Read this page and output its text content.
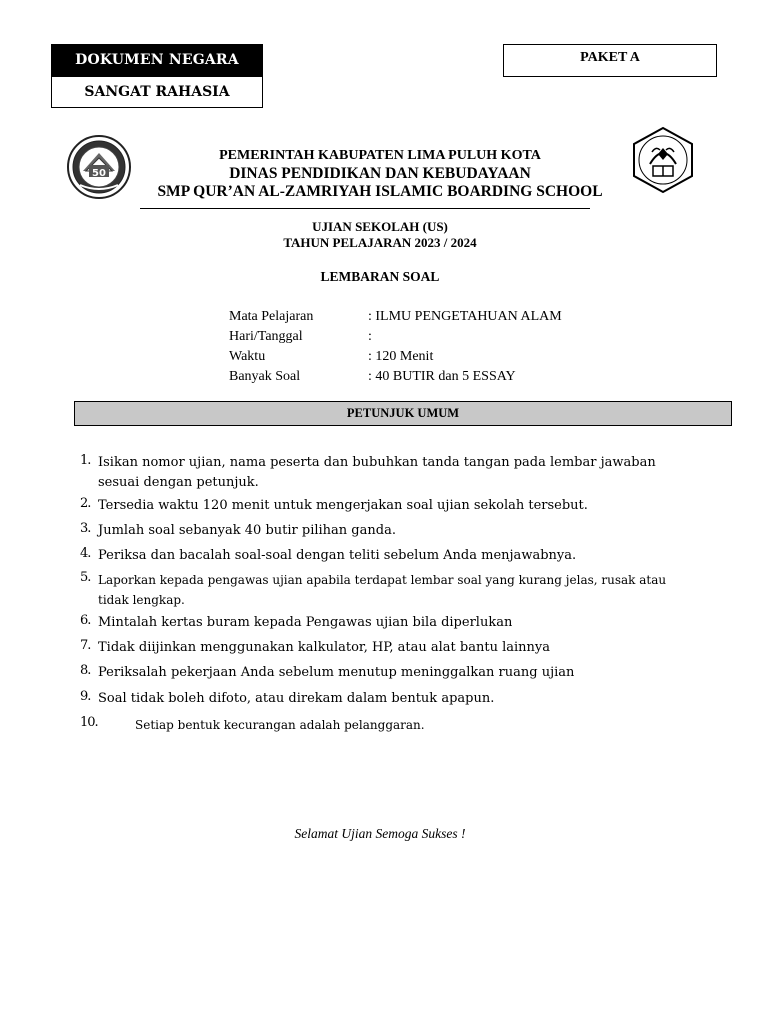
DOKUMEN NEGARA
SANGAT RAHASIA
PAKET A
50
PEMERINTAH KABUPATEN LIMA PULUH KOTA
DINAS PENDIDIKAN DAN KEBUDAYAAN
SMP QUR’AN AL-ZAMRIYAH ISLAMIC BOARDING SCHOOL
UJIAN SEKOLAH (US)
TAHUN PELAJARAN 2023 / 2024
LEMBARAN SOAL
Mata Pelajaran	: ILMU PENGETAHUAN ALAM
Hari/Tanggal	:
Waktu	: 120 Menit
Banyak Soal	: 40 BUTIR dan 5 ESSAY
PETUNJUK UMUM
1. Isikan nomor ujian, nama peserta dan bubuhkan tanda tangan pada lembar jawaban sesuai dengan petunjuk.
2. Tersedia waktu 120 menit untuk mengerjakan soal ujian sekolah tersebut.
3. Jumlah soal sebanyak 40 butir pilihan ganda.
4. Periksa dan bacalah soal-soal dengan teliti sebelum Anda menjawabnya.
5. Laporkan kepada pengawas ujian apabila terdapat lembar soal yang kurang jelas, rusak atau tidak lengkap.
6. Mintalah kertas buram kepada Pengawas ujian bila diperlukan
7. Tidak diijinkan menggunakan kalkulator, HP, atau alat bantu lainnya
8. Periksalah pekerjaan Anda sebelum menutup meninggalkan ruang ujian
9. Soal tidak boleh difoto, atau direkam dalam bentuk apapun.
10.	Setiap bentuk kecurangan adalah pelanggaran.
Selamat Ujian Semoga Sukses !
